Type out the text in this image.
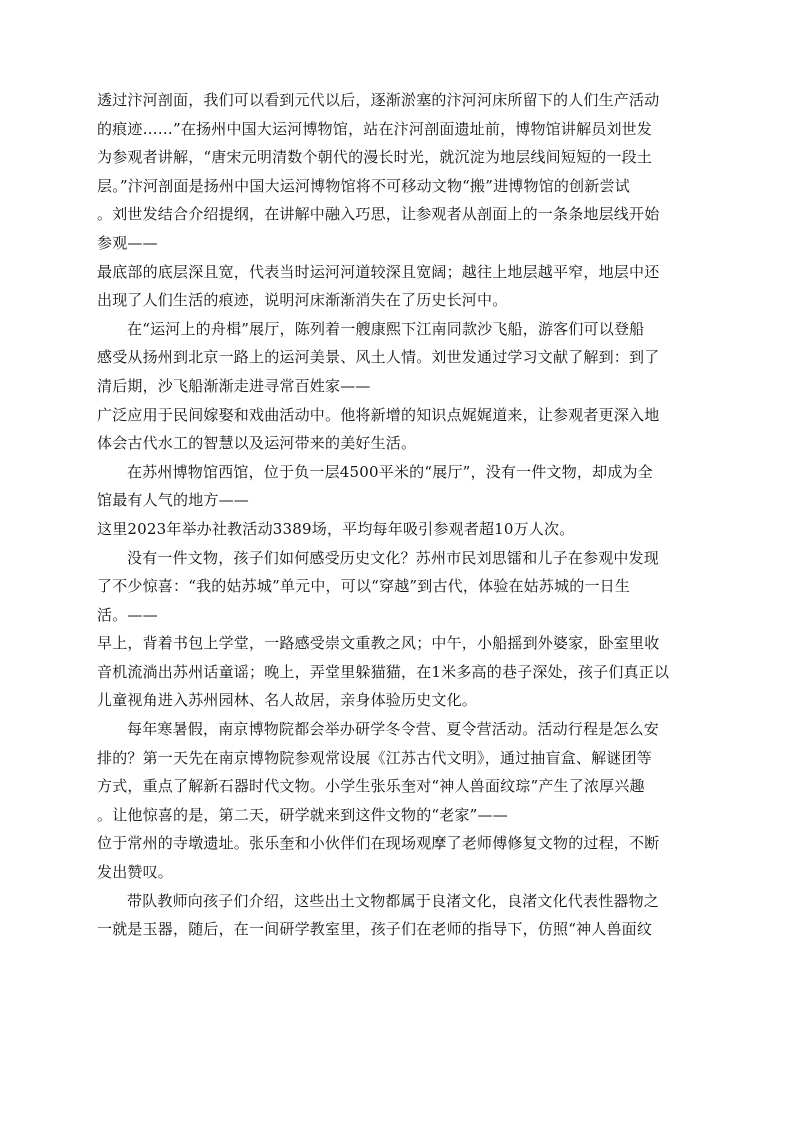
透过汴河剖面，我们可以看到元代以后，逐渐淤塞的汴河河床所留下的人们生产活动
的痕迹……”在扬州中国大运河博物馆，站在汴河剖面遗址前，博物馆讲解员刘世发
为参观者讲解，“唐宋元明清数个朝代的漫长时光，就沉淀为地层线间短短的一段土
层。”汴河剖面是扬州中国大运河博物馆将不可移动文物“搬”进博物馆的创新尝试
。刘世发结合介绍提纲，在讲解中融入巧思，让参观者从剖面上的一条条地层线开始
参观——
最底部的底层深且宽，代表当时运河河道较深且宽阔；越往上地层越平窄，地层中还
出现了人们生活的痕迹，说明河床渐渐消失在了历史长河中。
在“运河上的舟楫”展厅，陈列着一艘康熙下江南同款沙飞船，游客们可以登船
感受从扬州到北京一路上的运河美景、风土人情。刘世发通过学习文献了解到：到了
清后期，沙飞船渐渐走进寻常百姓家——
广泛应用于民间嫁娶和戏曲活动中。他将新增的知识点娓娓道来，让参观者更深入地
体会古代水工的智慧以及运河带来的美好生活。
在苏州博物馆西馆，位于负一层4500平米的“展厅”，没有一件文物，却成为全
馆最有人气的地方——
这里2023年举办社教活动3389场，平均每年吸引参观者超10万人次。
没有一件文物，孩子们如何感受历史文化？苏州市民刘思镭和儿子在参观中发现
了不少惊喜：“我的姑苏城”单元中，可以“穿越”到古代，体验在姑苏城的一日生
活。——
早上，背着书包上学堂，一路感受崇文重教之风；中午，小船摇到外婆家，卧室里收
音机流淌出苏州话童谣；晚上，弄堂里躲猫猫，在1米多高的巷子深处，孩子们真正以
儿童视角进入苏州园林、名人故居，亲身体验历史文化。
每年寒暑假，南京博物院都会举办研学冬令营、夏令营活动。活动行程是怎么安
排的？第一天先在南京博物院参观常设展《江苏古代文明》，通过抽盲盒、解谜团等
方式，重点了解新石器时代文物。小学生张乐奎对“神人兽面纹琮”产生了浓厚兴趣
。让他惊喜的是，第二天，研学就来到这件文物的“老家”——
位于常州的寺墩遗址。张乐奎和小伙伴们在现场观摩了老师傅修复文物的过程，不断
发出赞叹。
带队教师向孩子们介绍，这些出土文物都属于良渚文化，良渚文化代表性器物之
一就是玉器，随后，在一间研学教室里，孩子们在老师的指导下，仿照“神人兽面纹
